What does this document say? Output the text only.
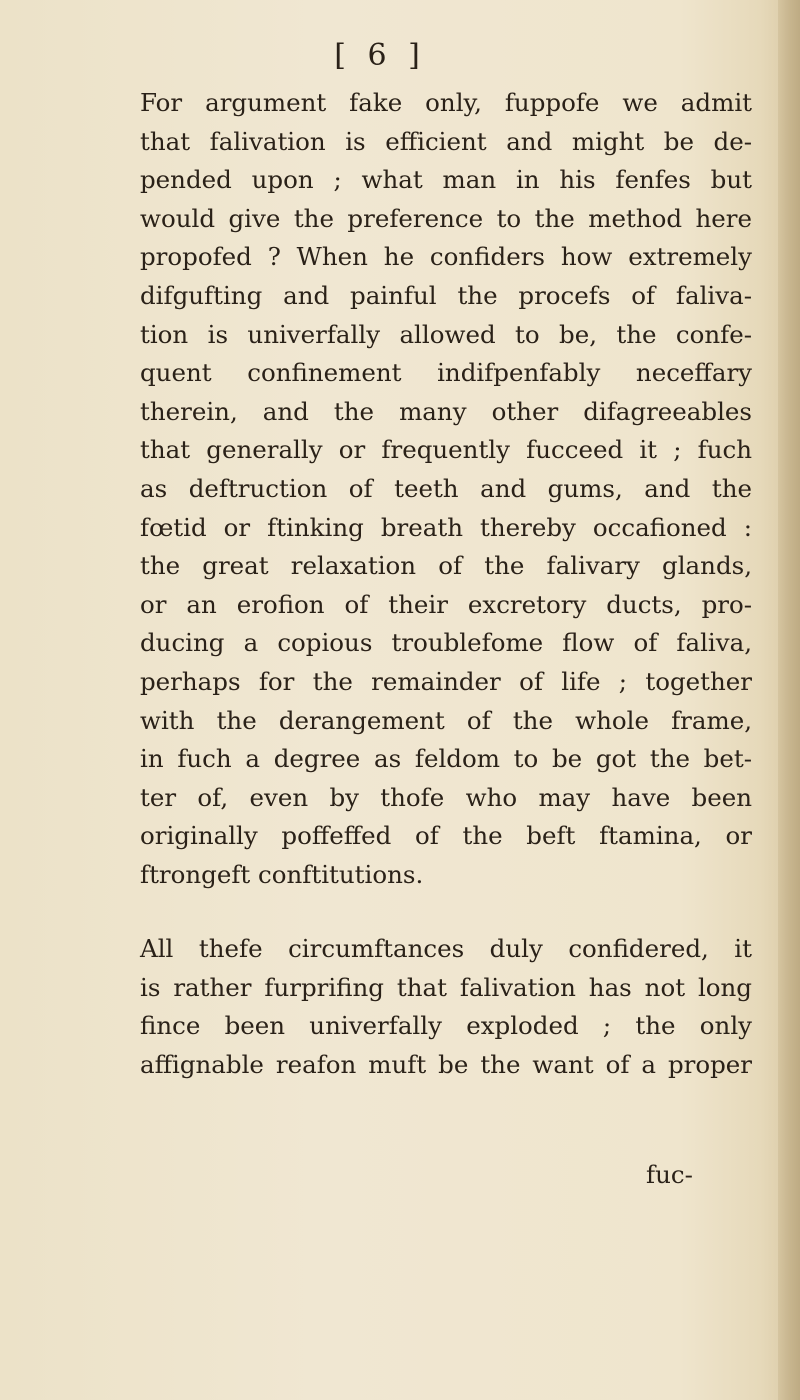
[ 6 ]
For argument fake only, fuppofe we admit
that falivation is efficient and might be de-
pended upon ; what man in his fenfes but
would give the preference to the method here
propofed ? When he confiders how extremely
difgufting and painful the procefs of faliva-
tion is univerfally allowed to be, the confe-
quent confinement indifpenfably neceffary
therein, and the many other difagreeables
that generally or frequently fucceed it ; fuch
as deftruction of teeth and gums, and the
fœtid or ftinking breath thereby occafioned :
the great relaxation of the falivary glands,
or an erofion of their excretory ducts, pro-
ducing a copious troublefome flow of faliva,
perhaps for the remainder of life ; together
with the derangement of the whole frame,
in fuch a degree as feldom to be got the bet-
ter of, even by thofe who may have been
originally poffeffed of the beft ftamina, or
ftrongeft conftitutions.
All thefe circumftances duly confidered, it
is rather furprifing that falivation has not long
fince been univerfally exploded ; the only
affignable reafon muft be the want of a proper
fuc-
